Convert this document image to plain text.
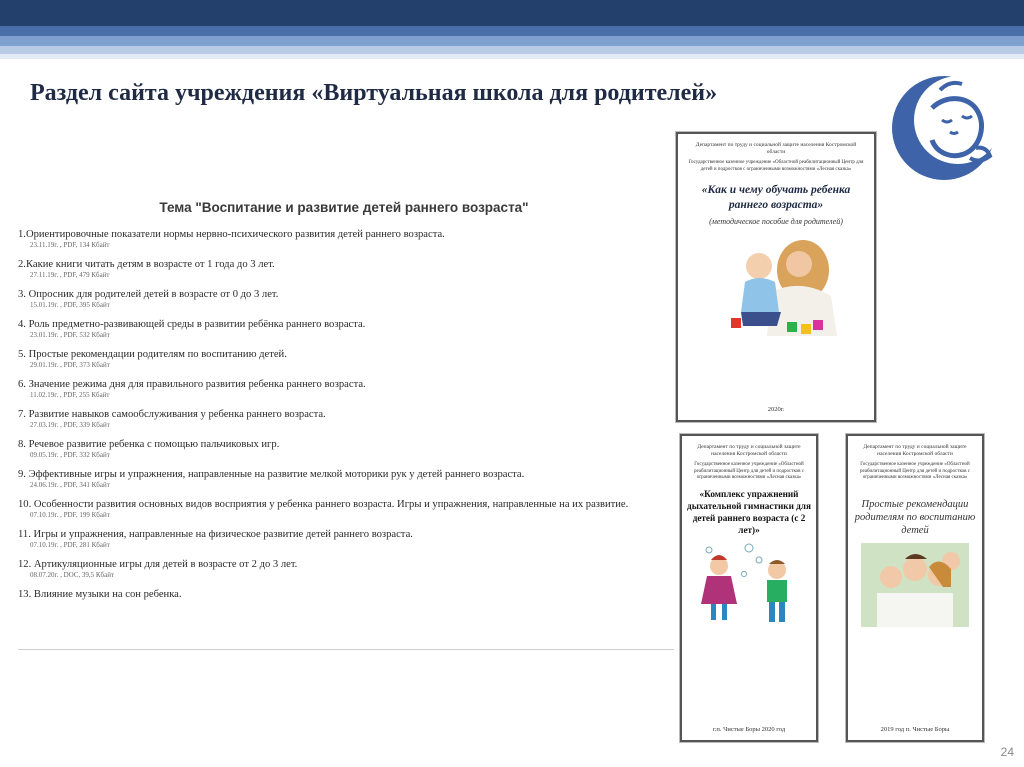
Раздел сайта учреждения «Виртуальная школа для родителей»
Тема "Воспитание и развитие детей раннего возраста"
1.Ориентировочные показатели нормы нервно-психического развития детей раннего возраста.
23.11.19г. , PDF, 134 Кбайт
2.Какие книги читать детям в возрасте от 1 года до 3 лет.
27.11.19г. , PDF, 479 Кбайт
3. Опросник для родителей детей в возрасте от 0 до 3 лет.
15.01.19г. , PDF, 395 Кбайт
4. Роль предметно-развивающей среды в развитии ребёнка раннего возраста.
23.01.19г. , PDF, 532 Кбайт
5. Простые рекомендации родителям по воспитанию детей.
29.01.19г. , PDF, 373 Кбайт
6. Значение режима дня для правильного развития ребенка раннего возраста.
11.02.19г. , PDF, 255 Кбайт
7. Развитие навыков самообслуживания у ребенка раннего возраста.
27.03.19г. , PDF, 339 Кбайт
8. Речевое развитие ребенка с помощью пальчиковых игр.
09.05.19г. , PDF, 332 Кбайт
9. Эффективные игры и упражнения, направленные на развитие мелкой моторики рук у детей раннего возраста.
24.06.19г. , PDF, 341 Кбайт
10. Особенности развития основных видов восприятия у ребенка раннего возраста. Игры и упражнения, направленные на их развитие.
07.10.19г. , PDF, 199 Кбайт
11. Игры и упражнения, направленные на физическое развитие детей раннего возраста.
07.10.19г. , PDF, 281 Кбайт
12. Артикуляционные игры для детей в возрасте от 2 до 3 лет.
08.07.20г. , DOC, 39,5 Кбайт
13. Влияние музыки на сон ребенка.
Департамент по труду и социальной защите населения Костромской области
Государственное казенное учреждение «Областной реабилитационный Центр для детей и подростков с ограниченными возможностями «Лесная сказка»
«Как и чему обучать ребенка раннего возраста»
(методическое пособие для родителей)
2020г.
Департамент по труду и социальной защите населения Костромской области
Государственное казенное учреждение «Областной реабилитационный Центр для детей и подростков с ограниченными возможностями «Лесная сказка»
«Комплекс упражнений дыхательной гимнастики для детей раннего возраста (с 2 лет)»
г.п. Чистые Боры 2020 год
Департамент по труду и социальной защите населения Костромской области
Государственное казенное учреждение «Областной реабилитационный Центр для детей и подростков с ограниченными возможностями «Лесная сказка»
Простые рекомендации родителям по воспитанию детей
2019 год п. Чистые Боры
24
